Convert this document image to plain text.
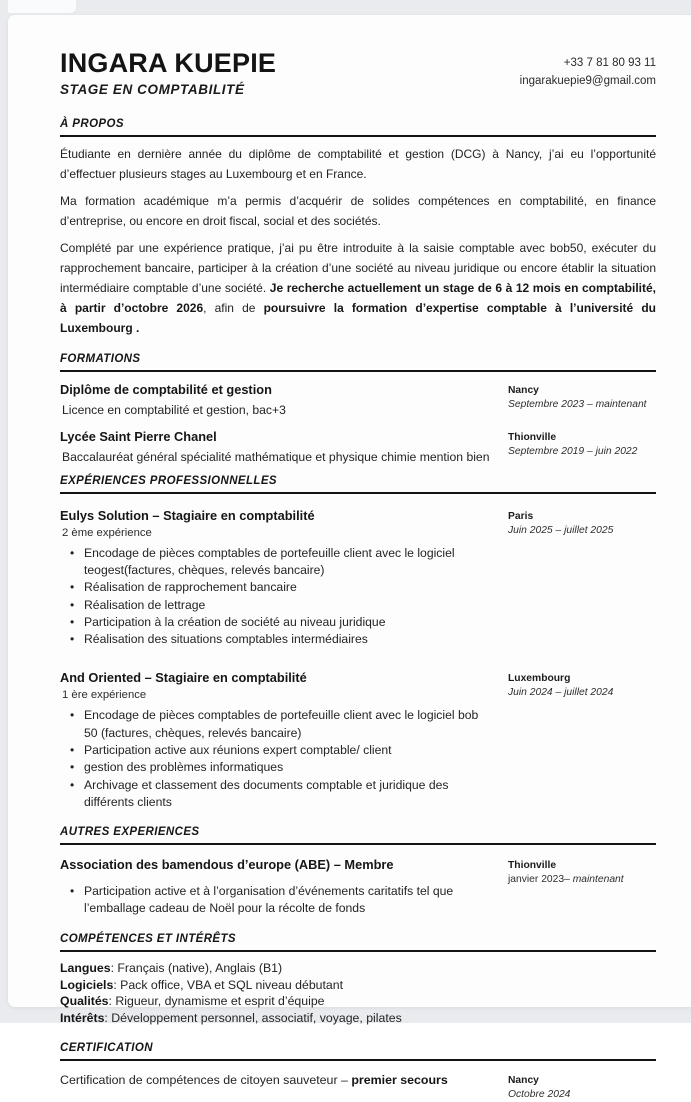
INGARA KUEPIE
STAGE EN COMPTABILITÉ
+33 7 81 80 93 11
ingarakuepie9@gmail.com
À PROPOS

Étudiante en dernière année du diplôme de comptabilité et gestion (DCG) à Nancy, j’ai eu l’opportunité d’effectuer plusieurs stages au Luxembourg et en France.

Ma formation académique m’a permis d’acquérir de solides compétences en comptabilité, en finance d’entreprise, ou encore en droit fiscal, social et des sociétés.

Complété par une expérience pratique, j’ai pu être introduite à la saisie comptable avec bob50, exécuter du rapprochement bancaire, participer à la création d’une société au niveau juridique ou encore établir la situation intermédiaire comptable d’une société. Je recherche actuellement un stage de 6 à 12 mois en comptabilité, à partir d’octobre 2026, afin de poursuivre la formation d’expertise comptable à l’université du Luxembourg .

FORMATIONS
Diplôme de comptabilité et gestion

Licence en comptabilité et gestion, bac+3

Nancy
Septembre 2023 – maintenant
Lycée Saint Pierre Chanel

Baccalauréat général spécialité mathématique et physique chimie mention bien

Thionville
Septembre 2019 – juin 2022
EXPÉRIENCES PROFESSIONNELLES
Eulys Solution – Stagiaire en comptabilité

2 ème expérience

• Encodage de pièces comptables de portefeuille client avec le logiciel teogest(factures, chèques, relevés bancaire)
• Réalisation de rapprochement bancaire
• Réalisation de lettrage
• Participation à la création de société au niveau juridique
• Réalisation des situations comptables intermédiaires
Paris
Juin 2025 – juillet 2025
And Oriented – Stagiaire en comptabilité

1 ère expérience

• Encodage de pièces comptables de portefeuille client avec le logiciel bob 50 (factures, chèques, relevés bancaire)
• Participation active aux réunions expert comptable/ client
• gestion des problèmes informatiques
• Archivage et classement des documents comptable et juridique des différents clients
Luxembourg
Juin 2024 – juillet 2024
AUTRES EXPERIENCES
Association des bamendous d’europe (ABE) – Membre
• Participation active et à l’organisation d’événements caritatifs tel que l’emballage cadeau de Noël pour la récolte de fonds
Thionville
janvier 2023– maintenant
COMPÉTENCES ET INTÉRÊTS
Langues: Français (native), Anglais (B1)
Logiciels: Pack office, VBA et SQL niveau débutant
Qualités: Rigueur, dynamisme et esprit d’équipe
Intérêts: Développement personnel, associatif, voyage, pilates
CERTIFICATION

Certification de compétences de citoyen sauveteur – premier secours	Nancy
Octobre 2024
